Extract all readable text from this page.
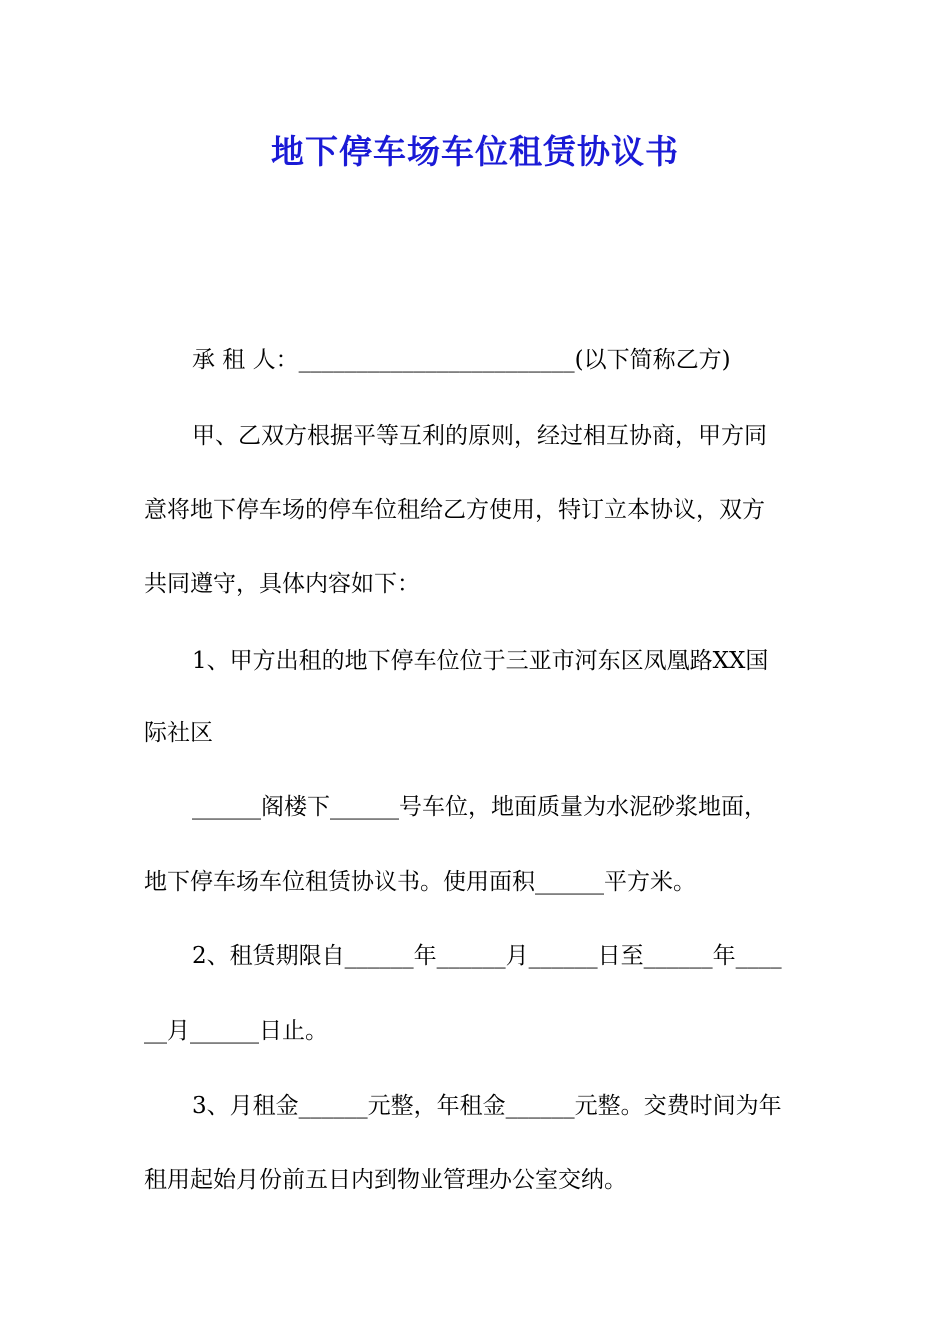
地下停车场车位租赁协议书
承 租 人：________________________(以下简称乙方)
甲、乙双方根据平等互利的原则，经过相互协商，甲方同
意将地下停车场的停车位租给乙方使用，特订立本协议，双方
共同遵守，具体内容如下：
1、甲方出租的地下停车位位于三亚市河东区凤凰路XX国
际社区
______阁楼下______号车位，地面质量为水泥砂浆地面，
地下停车场车位租赁协议书。使用面积______平方米。
2、租赁期限自______年______月______日至______年____
__月______日止。
3、月租金______元整，年租金______元整。交费时间为年
租用起始月份前五日内到物业管理办公室交纳。
